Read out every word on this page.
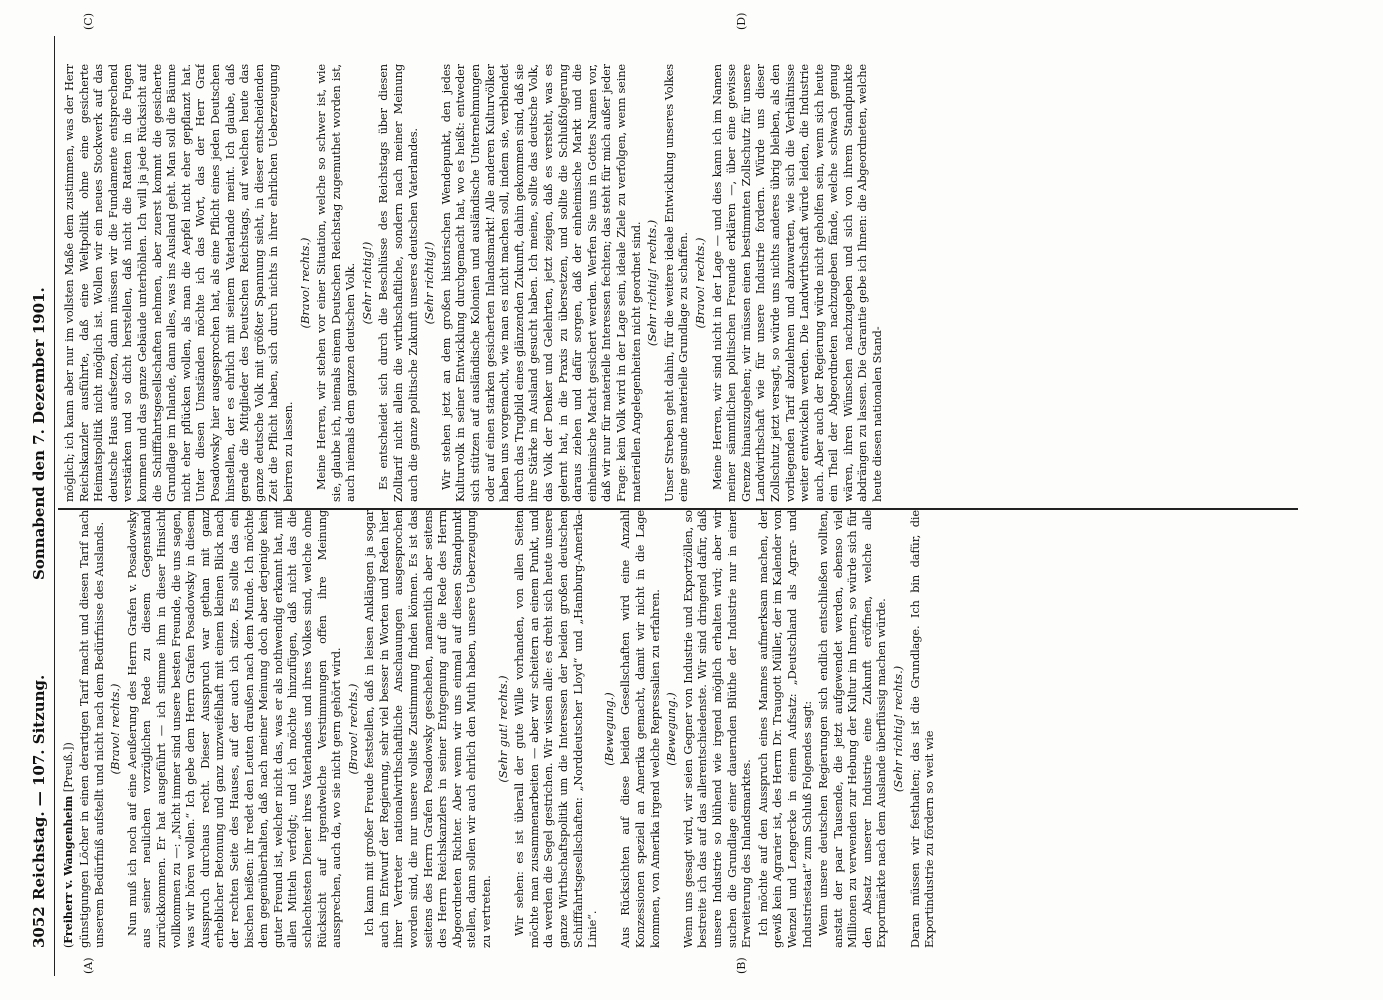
3052
Reichstag. — 107. Sitzung.
Sonnabend den 7. Dezember 1901.
(A)	(B)
(C)	(D)
(Freiherr v. Wangenheim [Preuß.]) günstigungen Löcher in einen derartigen Tarif macht und diesen Tarif nach unserem Bedürfniß aufstellt und nicht nach dem Bedürfnisse des Auslands. (Bravo! rechts.) Nun muß ich noch auf eine Aeußerung des Herrn Grafen v. Posadowsky aus seiner neulichen vorzüglichen Rede zu diesem Gegenstand zurückkommen. Er hat ausgeführt — ich stimme ihm in dieser Hinsicht vollkommen zu —: „Nicht immer sind unsere besten Freunde, die uns sagen, was wir hören wollen.“ Ich gebe dem Herrn Grafen Posadowsky in diesem Ausspruch durchaus recht. Dieser Ausspruch war gethan mit ganz erheblicher Betonung und ganz unzweifelhaft mit einem kleinen Blick nach der rechten Seite des Hauses, auf der auch ich sitze. Es sollte das ein bischen heißen: ihr redet den Leuten draußen nach dem Munde. Ich möchte dem gegenüberhalten, daß nach meiner Meinung doch aber derjenige kein guter Freund ist, welcher nicht das, was er als nothwendig erkannt hat, mit allen Mitteln verfolgt; und ich möchte hinzufügen, daß nicht das die schlechtesten Diener ihres Vaterlandes und ihres Volkes sind, welche ohne Rücksicht auf irgendwelche Verstimmungen offen ihre Meinung aussprechen, auch da, wo sie nicht gern gehört wird. (Bravo! rechts.) Ich kann mit großer Freude feststellen, daß in leisen Anklängen ja sogar auch im Entwurf der Regierung, sehr viel besser in Worten und Reden hier ihrer Vertreter nationalwirthschaftliche Anschauungen ausgesprochen worden sind, die nur unsere vollste Zustimmung finden können. Es ist das seitens des Herrn Grafen Posadowsky geschehen, namentlich aber seitens des Herrn Reichskanzlers in seiner Entgegnung auf die Rede des Herrn Abgeordneten Richter. Aber wenn wir uns einmal auf diesen Standpunkt stellen, dann sollen wir auch ehrlich den Muth haben, unsere Ueberzeugung zu vertreten.

(Sehr gut! rechts.) Wir sehen: es ist überall der gute Wille vorhanden, von allen Seiten möchte man zusammenarbeiten — aber wir scheitern an einem Punkt, und da werden die Segel gestrichen. Wir wissen alle: es dreht sich heute unsere ganze Wirthschaftspolitik um die Interessen der beiden großen deutschen Schifffahrtsgesellschaften: „Norddeutscher Lloyd“ und „Hamburg-Amerika-Linie“.

(Bewegung.) Aus Rücksichten auf diese beiden Gesellschaften wird eine Anzahl Konzessionen speziell an Amerika gemacht, damit wir nicht in die Lage kommen, von Amerika irgend welche Repressalien zu erfahren. (Bewegung.) Wenn uns gesagt wird, wir seien Gegner von Industrie und Exportzöllen, so bestreite ich das auf das allerentschiedenste. Wir sind dringend dafür, daß unsere Industrie so blühend wie irgend möglich erhalten wird; aber wir suchen die Grundlage einer dauernden Blüthe der Industrie nur in einer Erweiterung des Inlandsmarktes. Ich möchte auf den Ausspruch eines Mannes aufmerksam machen, der gewiß kein Agrarier ist, des Herrn Dr. Traugott Müller, der im Kalender von Wenzel und Lengercke in einem Aufsatz: „Deutschland als Agrar- und Industriestaat“ zum Schluß Folgendes sagt: Wenn unsere deutschen Regierungen sich endlich entschließen wollten, anstatt der paar Tausende, die jetzt aufgewendet werden, ebenso viel Millionen zu verwenden zur Hebung der Kultur im Innern, so würde sich für den Absatz unserer Industrie eine Zukunft eröffnen, welche alle Exportmärkte nach dem Auslande überflüssig machen würde. (Sehr richtig! rechts.) Daran müssen wir festhalten; das ist die Grundlage. Ich bin dafür, die Exportindustrie zu fördern so weit wie

möglich; ich kann aber nur im vollsten Maße dem zustimmen, was der Herr Reichskanzler ausführte, daß eine Weltpolitik ohne eine gesicherte Heimatspolitik nicht möglich ist. Wollen wir ein neues Stockwerk auf das deutsche Haus aufsetzen, dann müssen wir die Fundamente entsprechend verstärken und so dicht herstellen, daß nicht die Ratten in die Fugen kommen und das ganze Gebäude unterhöhlen. Ich will ja jede Rücksicht auf die Schifffahrtsgesellschaften nehmen, aber zuerst kommt die gesicherte Grundlage im Inlande, dann alles, was ins Ausland geht. Man soll die Bäume nicht eher pflücken wollen, als man die Aepfel nicht eher gepflanzt hat. Unter diesen Umständen möchte ich das Wort, das der Herr Graf Posadowsky hier ausgesprochen hat, als eine Pflicht eines jeden Deutschen hinstellen, der es ehrlich mit seinem Vaterlande meint. Ich glaube, daß gerade die Mitglieder des Deutschen Reichstags, auf welchen heute das ganze deutsche Volk mit größter Spannung sieht, in dieser entscheidenden Zeit die Pflicht haben, sich durch nichts in ihrer ehrlichen Ueberzeugung beirren zu lassen.

(Bravo! rechts.) Meine Herren, wir stehen vor einer Situation, welche so schwer ist, wie sie, glaube ich, niemals einem Deutschen Reichstag zugemuthet worden ist, auch niemals dem ganzen deutschen Volk. (Sehr richtig!) Es entscheidet sich durch die Beschlüsse des Reichstags über diesen Zolltarif nicht allein die wirthschaftliche, sondern nach meiner Meinung auch die ganze politische Zukunft unseres deutschen Vaterlandes. (Sehr richtig!) Wir stehen jetzt an dem großen historischen Wendepunkt, den jedes Kulturvolk in seiner Entwicklung durchgemacht hat, wo es heißt: entweder sich stützen auf ausländische Kolonien und ausländische Unternehmungen oder auf einen starken gesicherten Inlandsmarkt! Alle anderen Kulturvölker haben uns vorgemacht, wie man es nicht machen soll, indem sie, verblendet durch das Trugbild eines glänzenden Zukunft, dahin gekommen sind, daß sie ihre Stärke im Ausland gesucht haben. Ich meine, sollte das deutsche Volk, das Volk der Denker und Gelehrten, jetzt zeigen, daß es versteht, was es gelernt hat, in die Praxis zu übersetzen, und sollte die Schlußfolgerung daraus ziehen und dafür sorgen, daß der einheimische Markt und die einheimische Macht gesichert werden. Werfen Sie uns in Gottes Namen vor, daß wir nur für materielle Interessen fechten; das steht für mich außer jeder Frage: kein Volk wird in der Lage sein, ideale Ziele zu verfolgen, wenn seine materiellen Angelegenheiten nicht geordnet sind. (Sehr richtig! rechts.) Unser Streben geht dahin, für die weitere ideale Entwicklung unseres Volkes eine gesunde materielle Grundlage zu schaffen. (Bravo! rechts.) Meine Herren, wir sind nicht in der Lage — und dies kann ich im Namen meiner sämmtlichen politischen Freunde erklären —, über eine gewisse Grenze hinauszugehen; wir müssen einen bestimmten Zollschutz für unsere Landwirthschaft wie für unsere Industrie fordern. Würde uns dieser Zollschutz jetzt versagt, so würde uns nichts anderes übrig bleiben, als den vorliegenden Tarif abzulehnen und abzuwarten, wie sich die Verhältnisse weiter entwickeln werden. Die Landwirthschaft würde leiden, die Industrie auch. Aber auch der Regierung würde nicht geholfen sein, wenn sich heute ein Theil der Abgeordneten nachzugeben fände, welche schwach genug wären, ihren Wünschen nachzugeben und sich von ihrem Standpunkte abdrängen zu lassen. Die Garantie gebe ich Ihnen: die Abgeordneten, welche heute diesen nationalen Stand-
